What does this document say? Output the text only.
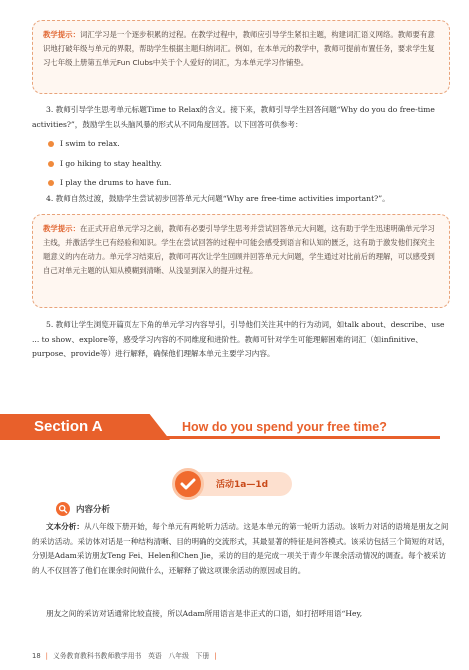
教学提示：词汇学习是一个逐步积累的过程。在教学过程中，教师应引导学生紧扣主题，构建词汇语义网络。教师要有意识地打破年级与单元的界限，帮助学生根据主题归纳词汇。例如，在本单元的教学中，教师可提前布置任务，要求学生复习七年级上册第五单元Fun Clubs中关于个人爱好的词汇，为本单元学习作铺垫。

3. 教师引导学生思考单元标题Time to Relax的含义。接下来，教师引导学生回答问题“Why do you do free-time activities?”，鼓励学生以头脑风暴的形式从不同角度回答。以下回答可供参考：

I swim to relax.
I go hiking to stay healthy.
I play the drums to have fun.

4. 教师自然过渡，鼓励学生尝试初步回答单元大问题“Why are free-time activities important?”。

教学提示：在正式开启单元学习之前，教师有必要引导学生思考并尝试回答单元大问题，这有助于学生迅速明确单元学习主线，并激活学生已有经验和知识。学生在尝试回答的过程中可能会感受到语言和认知的匮乏，这有助于激发他们探究主题意义的内在动力。单元学习结束后，教师可再次让学生回顾并回答单元大问题，学生通过对比前后的理解，可以感受到自己对单元主题的认知从模糊到清晰、从浅显到深入的提升过程。

5. 教师让学生浏览开篇页左下角的单元学习内容导引，引导他们关注其中的行为动词，如talk about、describe、use ... to show、explore等，感受学习内容的不同维度和进阶性。教师可针对学生可能理解困难的词汇（如infinitive、purpose、provide等）进行解释，确保他们理解本单元主要学习内容。

Section A	How do you spend your free time?
活动1a—1d
内容分析

文本分析：从八年级下册开始，每个单元有两轮听力活动。这是本单元的第一轮听力活动。该听力对话的语境是朋友之间的采访活动。采访体对话是一种结构清晰、目的明确的交流形式，其最显著的特征是问答模式。该采访包括三个简短的对话，分别是Adam采访朋友Teng Fei、Helen和Chen Jie，采访的目的是完成一项关于青少年课余活动情况的调查。每个被采访的人不仅回答了他们在课余时间做什么，还解释了做这项课余活动的原因或目的。

朋友之间的采访对话通常比较直接，所以Adam所用语言是非正式的口语，如打招呼用语“Hey,

18 | 义务教育教科书教师教学用书　英语　八年级　下册 |
